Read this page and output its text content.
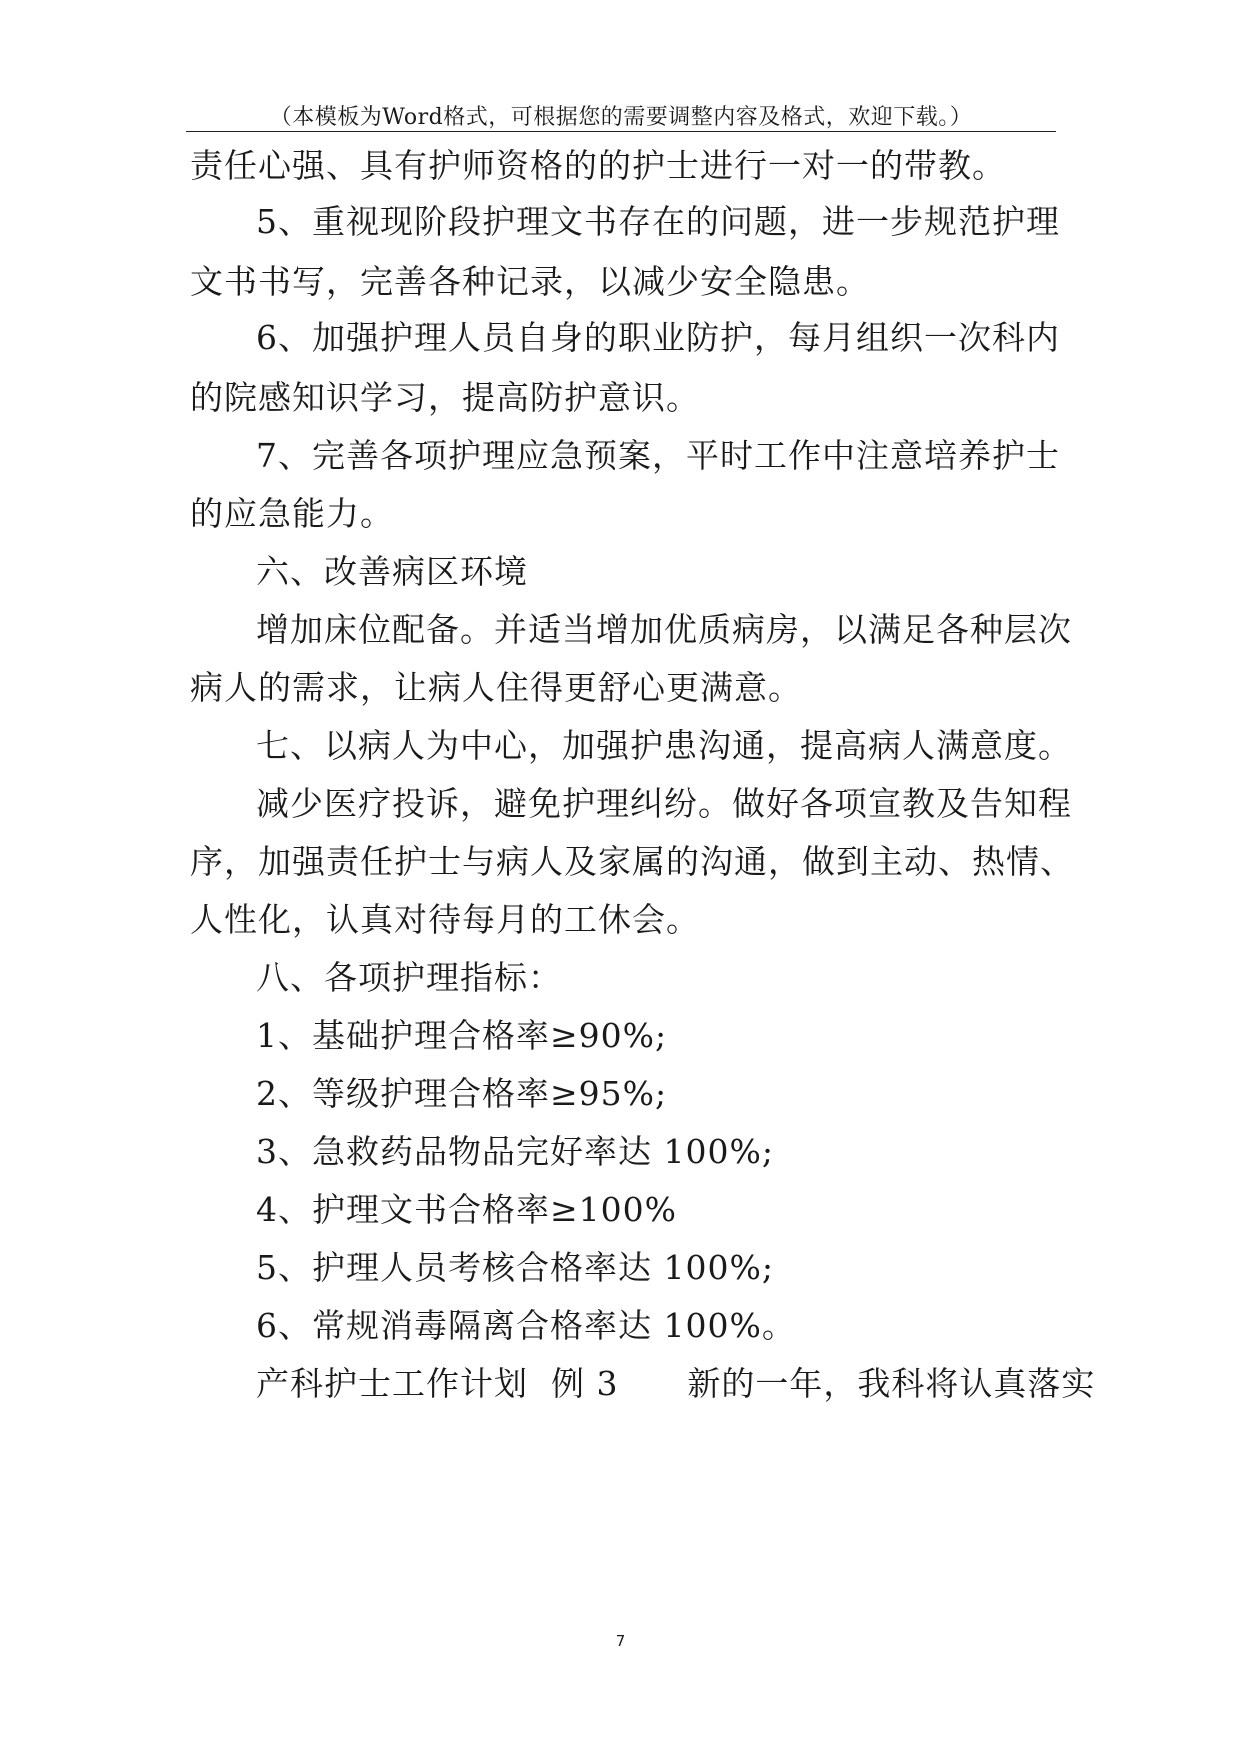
（本模板为Word格式，可根据您的需要调整内容及格式，欢迎下载。）
责任心强、具有护师资格的的护士进行一对一的带教。
5、重视现阶段护理文书存在的问题，进一步规范护理
文书书写，完善各种记录，以减少安全隐患。
6、加强护理人员自身的职业防护，每月组织一次科内
的院感知识学习，提高防护意识。
7、完善各项护理应急预案，平时工作中注意培养护士
的应急能力。
六、改善病区环境
增加床位配备。并适当增加优质病房，以满足各种层次
病人的需求，让病人住得更舒心更满意。
七、以病人为中心，加强护患沟通，提高病人满意度。
减少医疗投诉，避免护理纠纷。做好各项宣教及告知程
序，加强责任护士与病人及家属的沟通，做到主动、热情、
人性化，认真对待每月的工休会。
八、各项护理指标：
1、基础护理合格率≥90%;
2、等级护理合格率≥95%;
3、急救药品物品完好率达 100%;
4、护理文书合格率≥100%
5、护理人员考核合格率达 100%;
6、常规消毒隔离合格率达 100%。
产科护士工作计划  例 3      新的一年，我科将认真落实
7
